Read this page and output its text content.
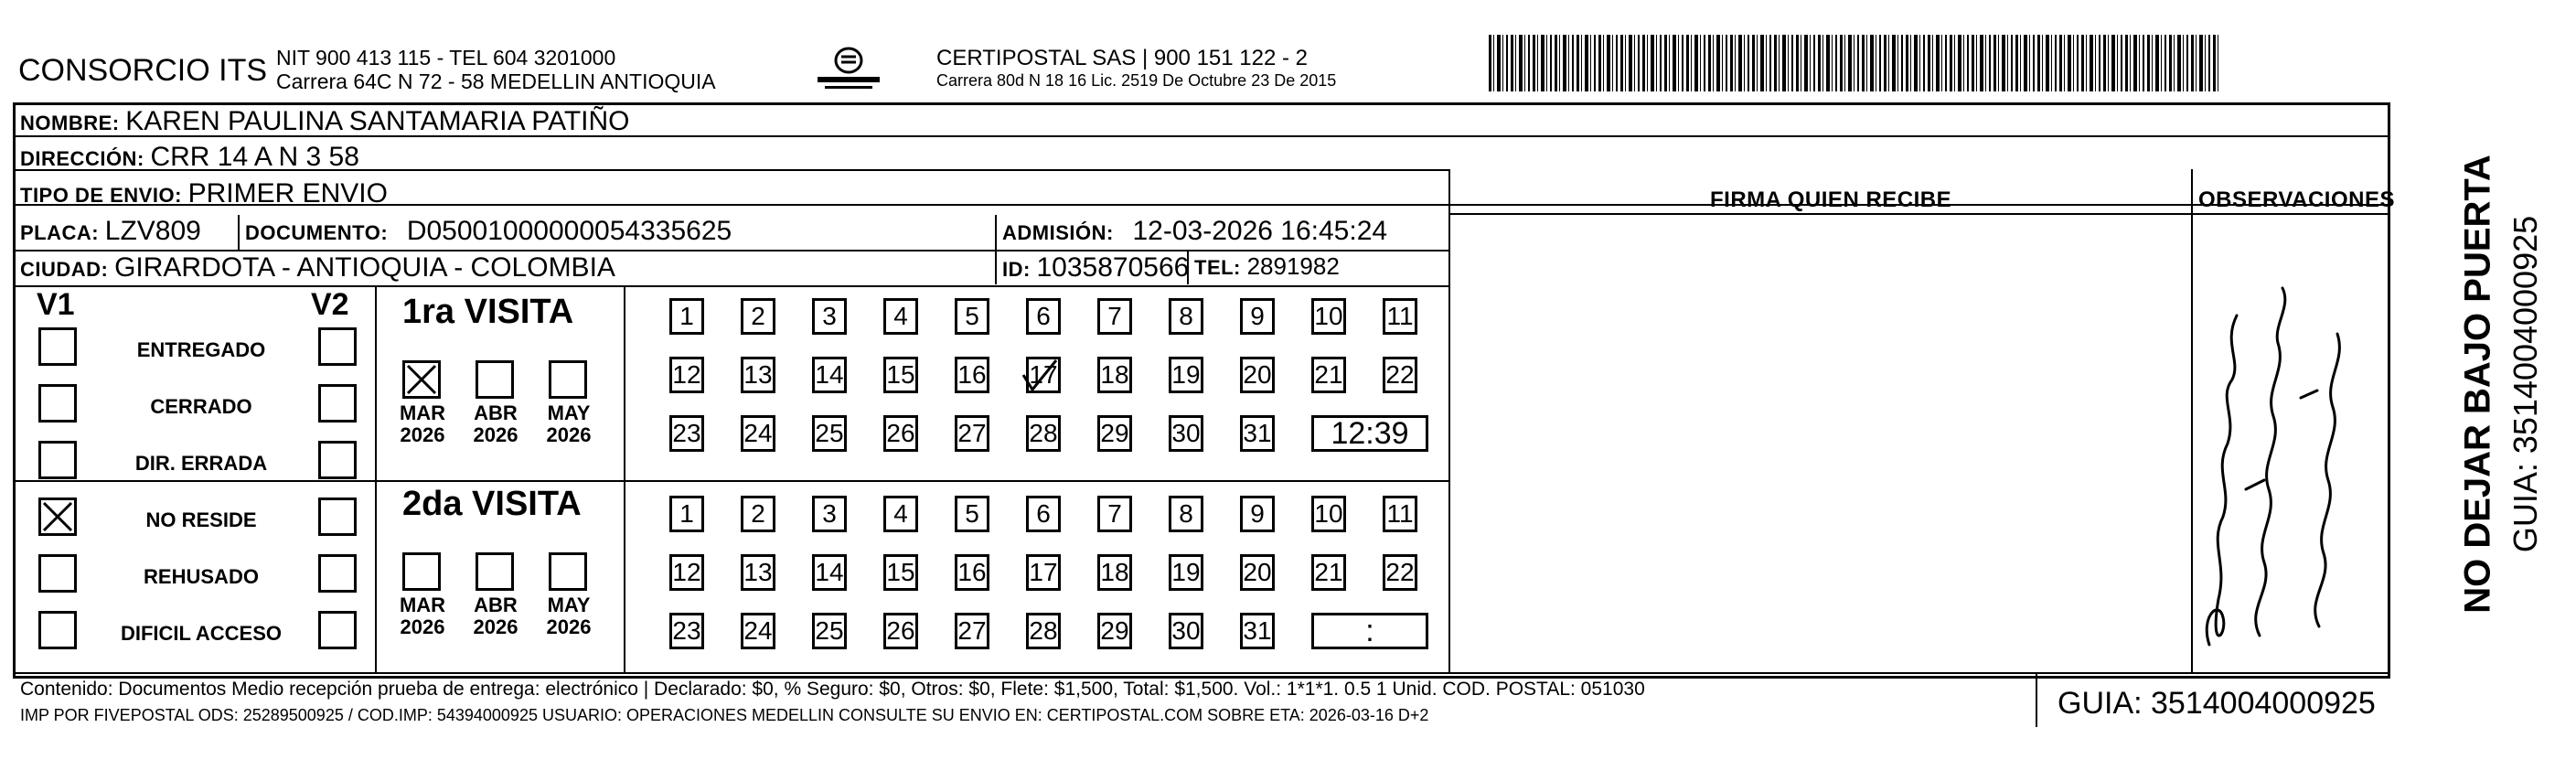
CONSORCIO ITS NIT 900 413 115 - TEL 604 3201000
Carrera 64C N 72 - 58 MEDELLIN ANTIOQUIA
CERTIPOSTAL SAS | 900 151 122 - 2
Carrera 80d N 18 16 Lic. 2519 De Octubre 23 De 2015
NO DEJAR BAJO PUERTA GUIA: 3514004000925
NOMBRE: KAREN PAULINA SANTAMARIA PATIÑO
DIRECCIÓN: CRR 14 A N 3 58
TIPO DE ENVIO: PRIMER ENVIO	FIRMA QUIEN RECIBE	OBSERVACIONES
PLACA: LZV809 DOCUMENTO: D05001000000054335625	ADMISIÓN: 12-03-2026 16:45:24
CIUDAD: GIRARDOTA - ANTIOQUIA - COLOMBIA	ID: 1035870566 TEL: 2891982
V1	V2
ENTREGADO
CERRADO
DIR. ERRADA
NO RESIDE
REHUSADO
DIFICIL ACCESO
1ra VISITA
MAR
2026
ABR
2026
MAY
2026
1	2	3	4	5	6	7	8	9	10 11
12 13 14 15 16 17 18 19 20 21 22
23 24 25 26 27 28 29 30 31	12:39
2da VISITA
MAR
2026
ABR
2026
MAY
2026
1	2	3	4	5	6	7	8	9	10 11
12 13 14 15 16 17 18 19 20 21 22
23 24 25 26 27 28 29 30 31	:
Contenido: Documentos Medio recepción prueba de entrega: electrónico | Declarado: $0, % Seguro: $0, Otros: $0, Flete: $1,500, Total: $1,500. Vol.: 1*1*1. 0.5 1 Unid. COD. POSTAL: 051030
IMP POR FIVEPOSTAL ODS: 25289500925 / COD.IMP: 54394000925 USUARIO: OPERACIONES MEDELLIN CONSULTE SU ENVIO EN: CERTIPOSTAL.COM SOBRE ETA: 2026-03-16 D+2	GUIA: 3514004000925
